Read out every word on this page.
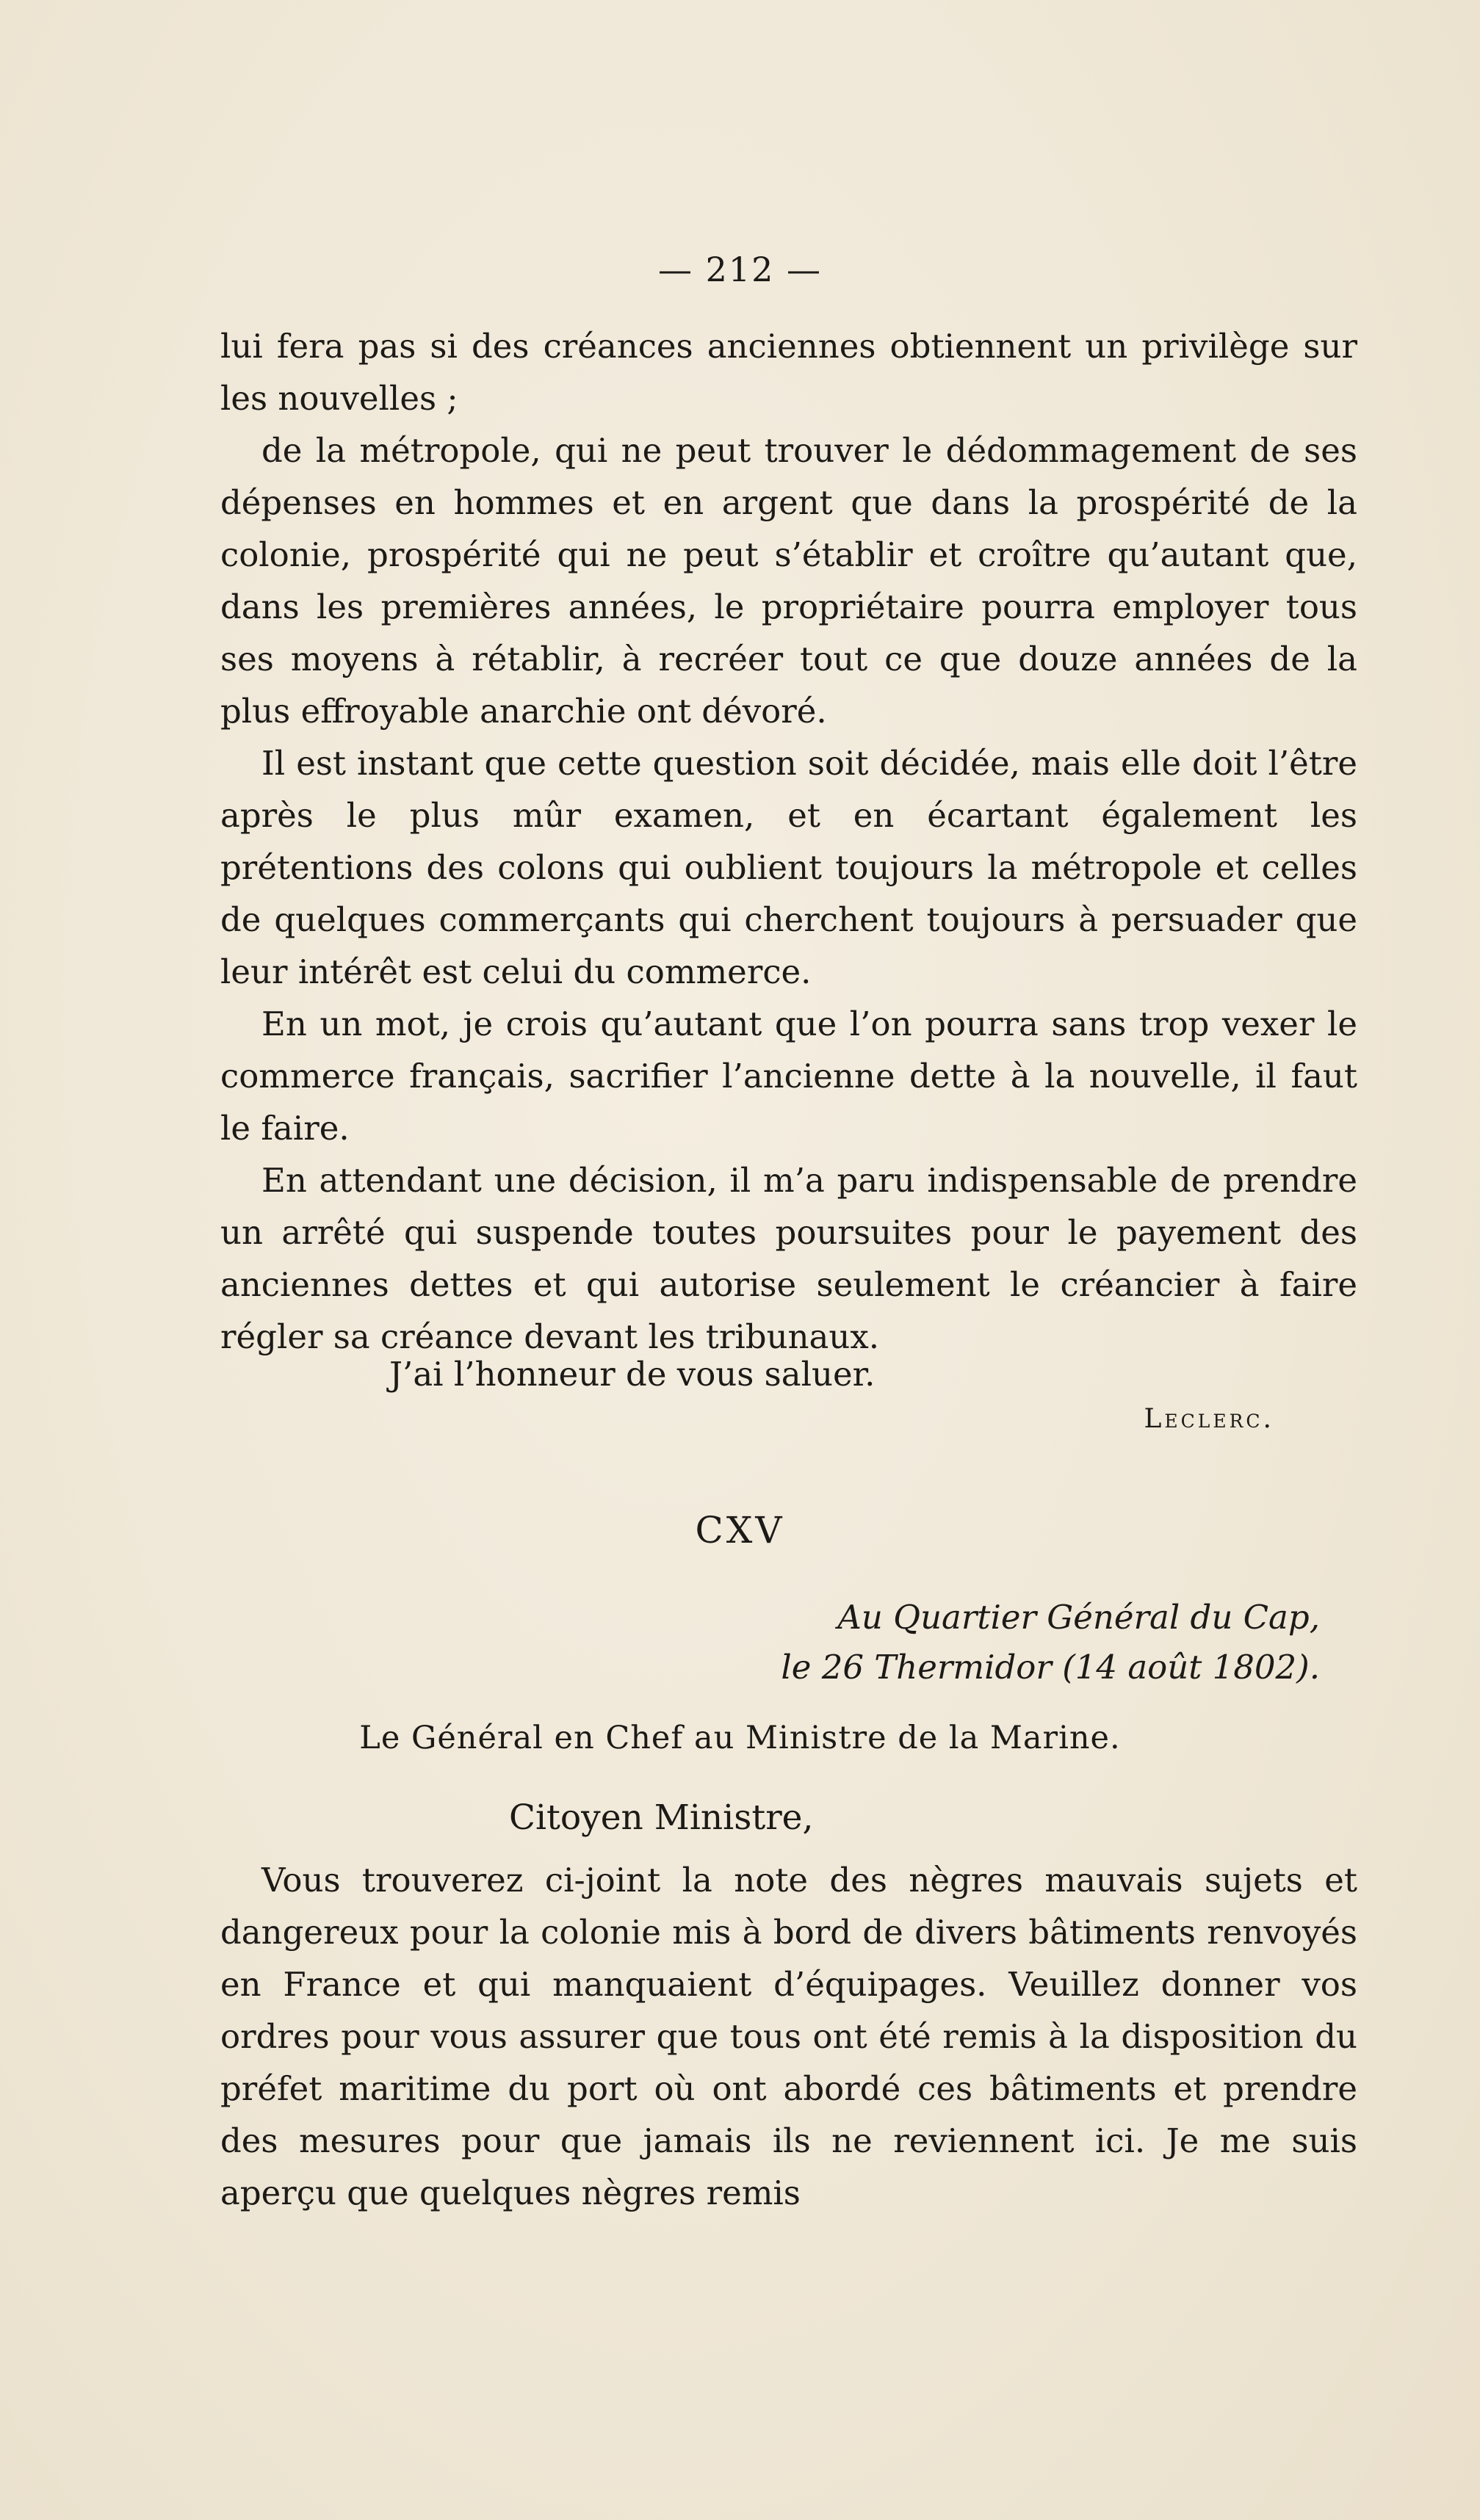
— 212 —

lui fera pas si des créances anciennes obtiennent un privilège sur les nouvelles ;

de la métropole, qui ne peut trouver le dédommagement de ses dépenses en hommes et en argent que dans la prospérité de la colonie, prospérité qui ne peut s’établir et croître qu’autant que, dans les premières années, le propriétaire pourra employer tous ses moyens à rétablir, à recréer tout ce que douze années de la plus effroyable anarchie ont dévoré.

Il est instant que cette question soit décidée, mais elle doit l’être après le plus mûr examen, et en écartant également les prétentions des colons qui oublient toujours la métropole et celles de quelques commerçants qui cherchent toujours à persuader que leur intérêt est celui du commerce.

En un mot, je crois qu’autant que l’on pourra sans trop vexer le commerce français, sacrifier l’ancienne dette à la nouvelle, il faut le faire.

En attendant une décision, il m’a paru indispensable de prendre un arrêté qui suspende toutes poursuites pour le payement des anciennes dettes et qui autorise seulement le créancier à faire régler sa créance devant les tribunaux.

J’ai l’honneur de vous saluer.
Leclerc.
CXV
Au Quartier Général du Cap,
le 26 Thermidor (14 août 1802).
Le Général en Chef au Ministre de la Marine.
Citoyen Ministre,

Vous trouverez ci-joint la note des nègres mauvais sujets et dangereux pour la colonie mis à bord de divers bâtiments renvoyés en France et qui manquaient d’équipages. Veuillez donner vos ordres pour vous assurer que tous ont été remis à la disposition du préfet maritime du port où ont abordé ces bâtiments et prendre des mesures pour que jamais ils ne reviennent ici. Je me suis aperçu que quelques nègres remis
